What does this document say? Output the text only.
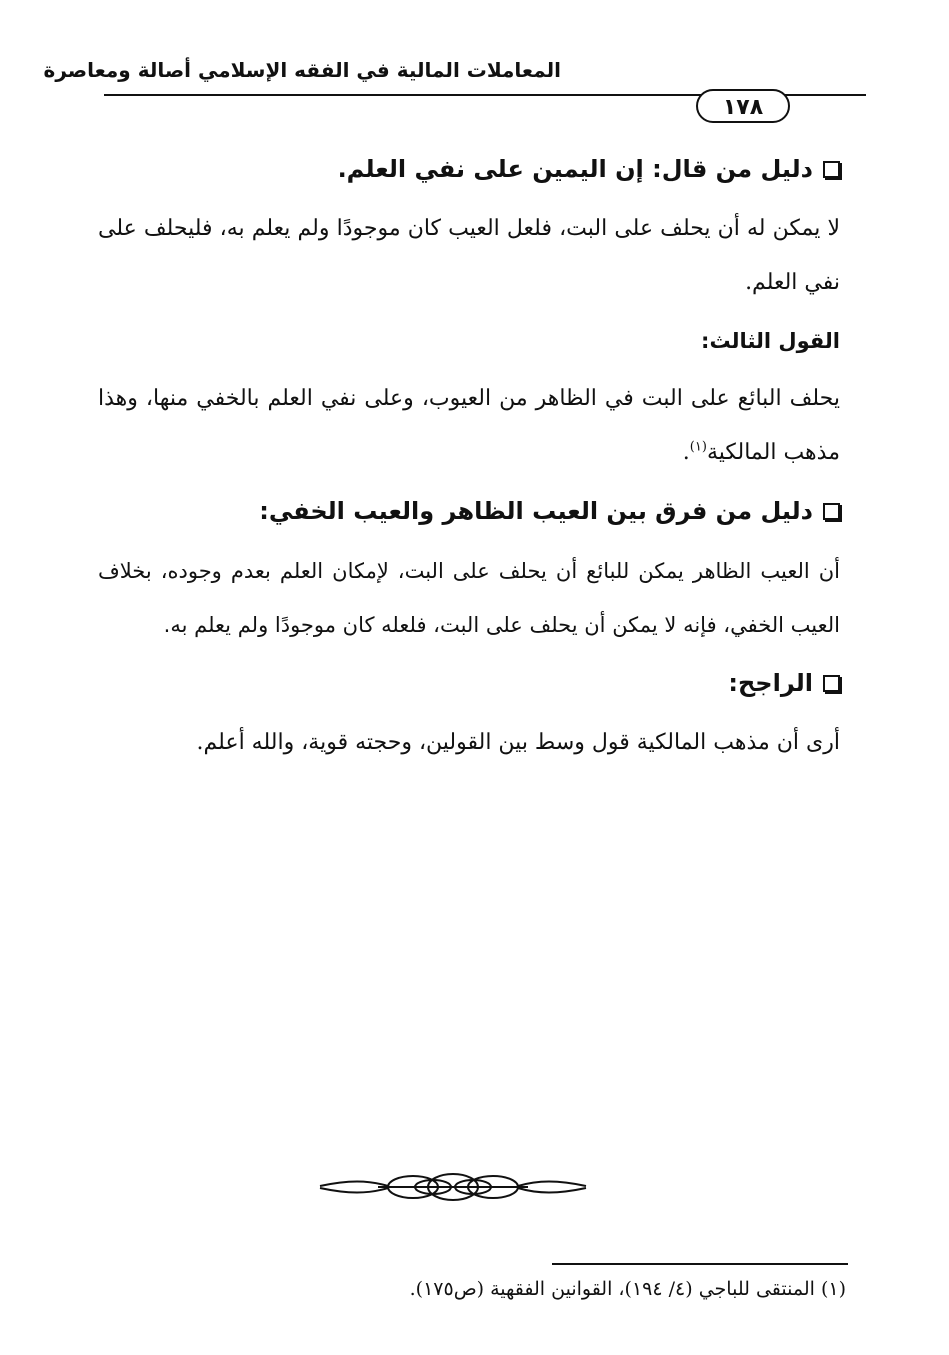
المعاملات المالية في الفقه الإسلامي أصالة ومعاصرة
١٧٨
دليل من قال: إن اليمين على نفي العلم.

لا يمكن له أن يحلف على البت، فلعل العيب كان موجودًا ولم يعلم به، فليحلف على نفي العلم.

القول الثالث:

يحلف البائع على البت في الظاهر من العيوب، وعلى نفي العلم بالخفي منها، وهذا مذهب المالكية$^{(١)}$.

دليل من فرق بين العيب الظاهر والعيب الخفي:

أن العيب الظاهر يمكن للبائع أن يحلف على البت، لإمكان العلم بعدم وجوده، بخلاف العيب الخفي، فإنه لا يمكن أن يحلف على البت، فلعله كان موجودًا ولم يعلم به.

الراجح:

أرى أن مذهب المالكية قول وسط بين القولين، وحجته قوية، والله أعلم.

(١) المنتقى للباجي (٤/ ١٩٤)، القوانين الفقهية (ص١٧٥).
